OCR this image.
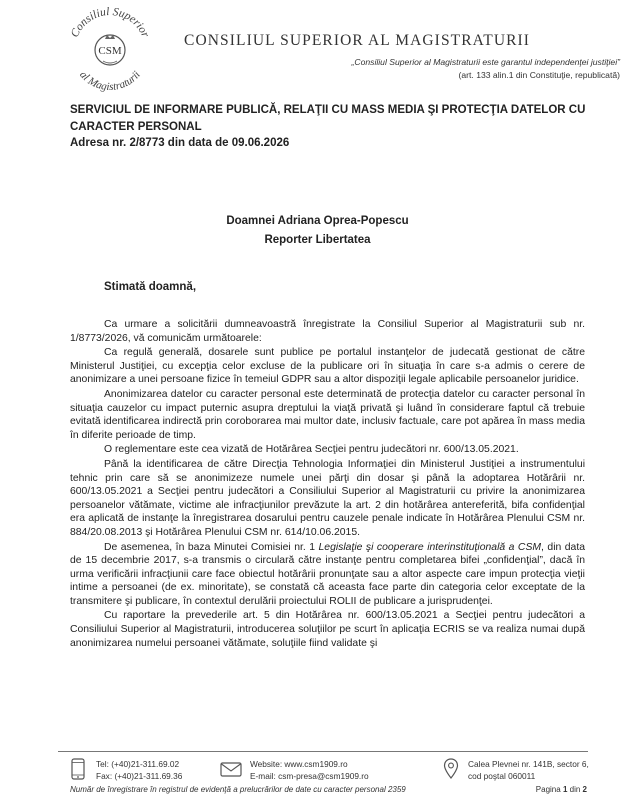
Consiliul Superior
al Magistraturii
CSM
CONSILIUL SUPERIOR AL MAGISTRATURII
„Consiliul Superior al Magistraturii este garantul independenţei justiţiei”
(art. 133 alin.1 din Constituţie, republicată)
SERVICIUL DE INFORMARE PUBLICĂ, RELAŢII CU MASS MEDIA ŞI PROTECŢIA DATELOR CU CARACTER PERSONAL
Adresa nr. 2/8773 din data de 09.06.2026
Doamnei Adriana Oprea-Popescu
Reporter Libertatea
Stimată doamnă,

Ca urmare a solicitării dumneavoastră înregistrate la Consiliul Superior al Magistraturii sub nr. 1/8773/2026, vă comunicăm următoarele:

Ca regulă generală, dosarele sunt publice pe portalul instanţelor de judecată gestionat de către Ministerul Justiţiei, cu excepţia celor excluse de la publicare ori în situaţia în care s-a admis o cerere de anonimizare a unei persoane fizice în temeiul GDPR sau a altor dispoziţii legale aplicabile persoanelor juridice.

Anonimizarea datelor cu caracter personal este determinată de protecţia datelor cu caracter personal în situaţia cauzelor cu impact puternic asupra dreptului la viaţă privată şi luând în considerare faptul că trebuie evitată identificarea indirectă prin coroborarea mai multor date, inclusiv factuale, care pot apărea în mass media în diferite perioade de timp.

O reglementare este cea vizată de Hotărârea Secţiei pentru judecători nr. 600/13.05.2021.

Până la identificarea de către Direcţia Tehnologia Informaţiei din Ministerul Justiţiei a instrumentului tehnic prin care să se anonimizeze numele unei părţi din dosar şi până la adoptarea Hotărârii nr. 600/13.05.2021 a Secţiei pentru judecători a Consiliului Superior al Magistraturii cu privire la anonimizarea persoanelor vătămate, victime ale infracţiunilor prevăzute la art. 2 din hotărârea antereferită, bifa confidenţial era aplicată de instanţe la înregistrarea dosarului pentru cauzele penale indicate în Hotărârea Plenului CSM nr. 884/20.08.2013 şi Hotărârea Plenului CSM nr. 614/10.06.2015.

De asemenea, în baza Minutei Comisiei nr. 1 Legislaţie şi cooperare interinstituţională a CSM, din data de 15 decembrie 2017, s-a transmis o circulară către instanţe pentru completarea bifei „confidenţial”, dacă în urma verificării infracţiunii care face obiectul hotărârii pronunţate sau a altor aspecte care impun protecţia vieţii intime a persoanei (de ex. minoritate), se constată că aceasta face parte din categoria celor exceptate de la transmitere şi publicare, în contextul derulării proiectului ROLII de publicare a jurisprudenţei.

Cu raportare la prevederile art. 5 din Hotărârea nr. 600/13.05.2021 a Secţiei pentru judecători a Consiliului Superior al Magistraturii, introducerea soluţiilor pe scurt în aplicaţia ECRIS se va realiza numai după anonimizarea numelui persoanei vătămate, soluţiile fiind validate şi

Tel: (+40)21-311.69.02
Fax: (+40)21-311.69.36
Website: www.csm1909.ro
E-mail: csm-presa@csm1909.ro
Calea Plevnei nr. 141B, sector 6,
cod poştal 060011
Număr de înregistrare în registrul de evidenţă a prelucrărilor de date cu caracter personal 2359	Pagina 1 din 2
